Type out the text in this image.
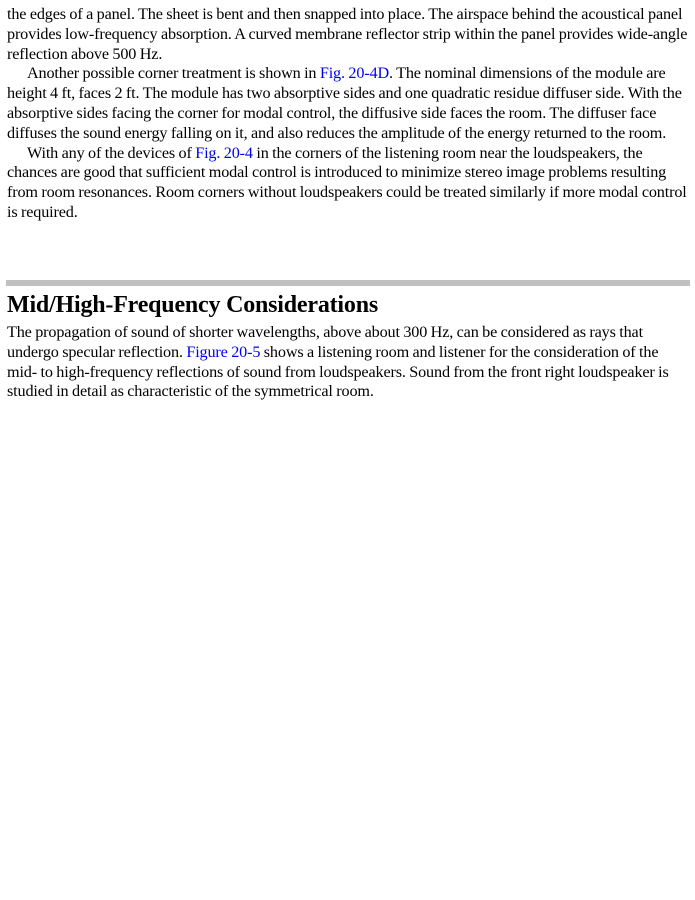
the edges of a panel. The sheet is bent and then snapped into place. The airspace behind the acoustical panel provides low-frequency absorption. A curved membrane reflector strip within the panel provides wide-angle reflection above 500 Hz.

Another possible corner treatment is shown in Fig. 20-4D. The nominal dimensions of the module are height 4 ft, faces 2 ft. The module has two absorptive sides and one quadratic residue diffuser side. With the absorptive sides facing the corner for modal control, the diffusive side faces the room. The diffuser face diffuses the sound energy falling on it, and also reduces the amplitude of the energy returned to the room.

With any of the devices of Fig. 20-4 in the corners of the listening room near the loudspeakers, the chances are good that sufficient modal control is introduced to minimize stereo image problems resulting from room resonances. Room corners without loudspeakers could be treated similarly if more modal control is required.

Mid/High-Frequency Considerations

The propagation of sound of shorter wavelengths, above about 300 Hz, can be considered as rays that undergo specular reflection. Figure 20-5 shows a listening room and listener for the consideration of the mid- to high-frequency reflections of sound from loudspeakers. Sound from the front right loudspeaker is studied in detail as characteristic of the symmetrical room.
